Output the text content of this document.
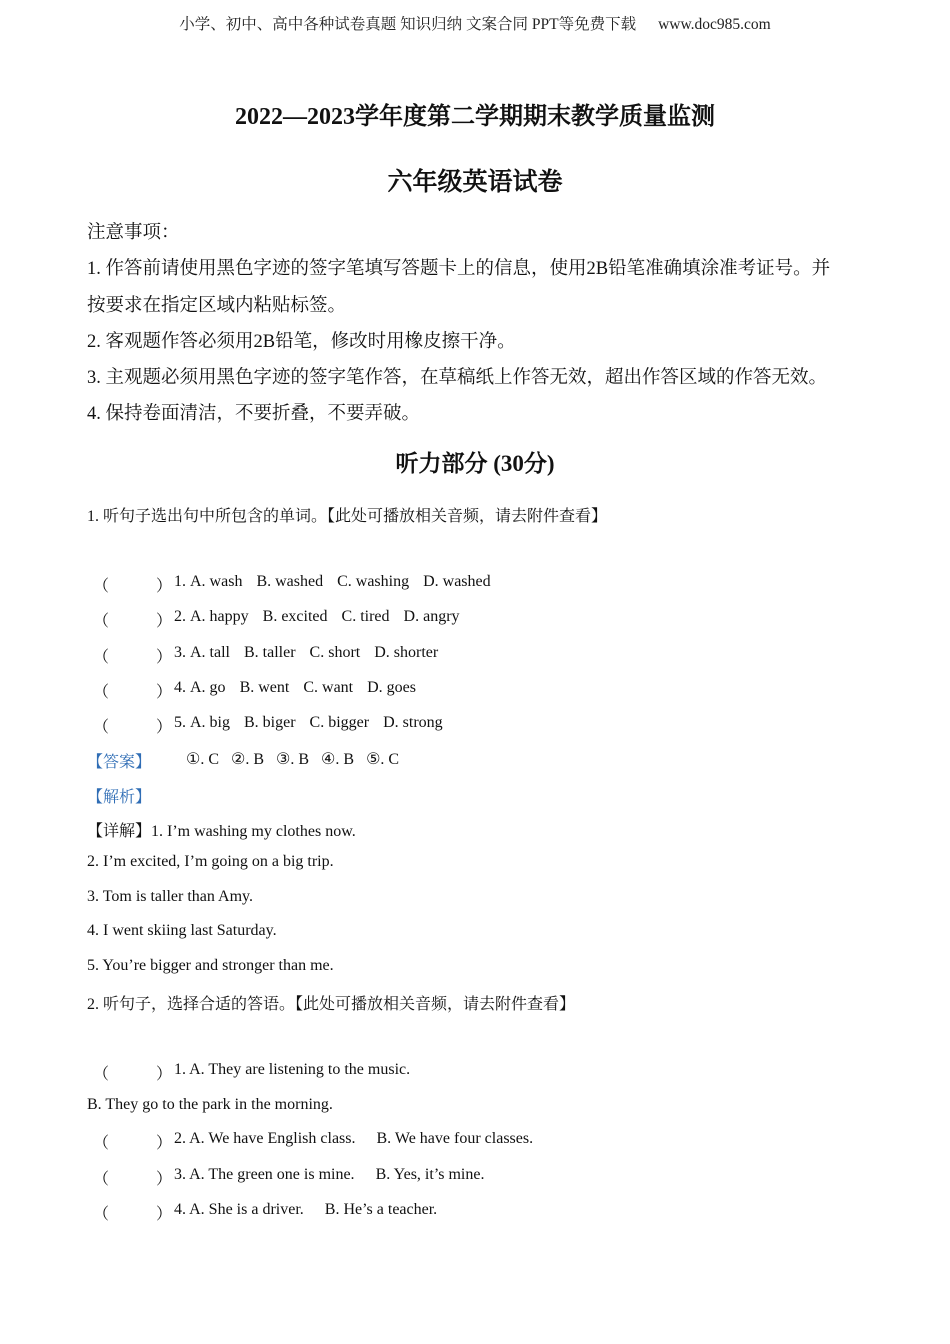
小学、初中、高中各种试卷真题 知识归纳 文案合同 PPT等免费下载 www.doc985.com
2022—2023学年度第二学期期末教学质量监测
六年级英语试卷
注意事项：
1. 作答前请使用黑色字迹的签字笔填写答题卡上的信息，使用2B铅笔准确填涂准考证号。并
按要求在指定区域内粘贴标签。
2. 客观题作答必须用2B铅笔，修改时用橡皮擦干净。
3. 主观题必须用黑色字迹的签字笔作答，在草稿纸上作答无效，超出作答区域的作答无效。
4. 保持卷面清洁，不要折叠，不要弄破。
听力部分 (30分)
1. 听句子选出句中所包含的单词。【此处可播放相关音频，请去附件查看】
（	） 1. A. wash B. washed C. washing D. washed
（	） 2. A. happy B. excited C. tired D. angry
（	） 3. A. tall B. taller C. short D. shorter
（	） 4. A. go B. went C. want D. goes
（	） 5. A. big B. biger C. bigger D. strong
【答案】 ①. C ②. B ③. B ④. B ⑤. C
【解析】
【详解】1. I’m washing my clothes now.
2. I’m excited, I’m going on a big trip.
3. Tom is taller than Amy.
4. I went skiing last Saturday.
5. You’re bigger and stronger than me.
2. 听句子，选择合适的答语。【此处可播放相关音频，请去附件查看】
（	） 1. A. They are listening to the music.
B. They go to the park in the morning.
（	） 2. A. We have English class. B. We have four classes.
（	） 3. A. The green one is mine. B. Yes, it’s mine.
（	） 4. A. She is a driver. B. He’s a teacher.
